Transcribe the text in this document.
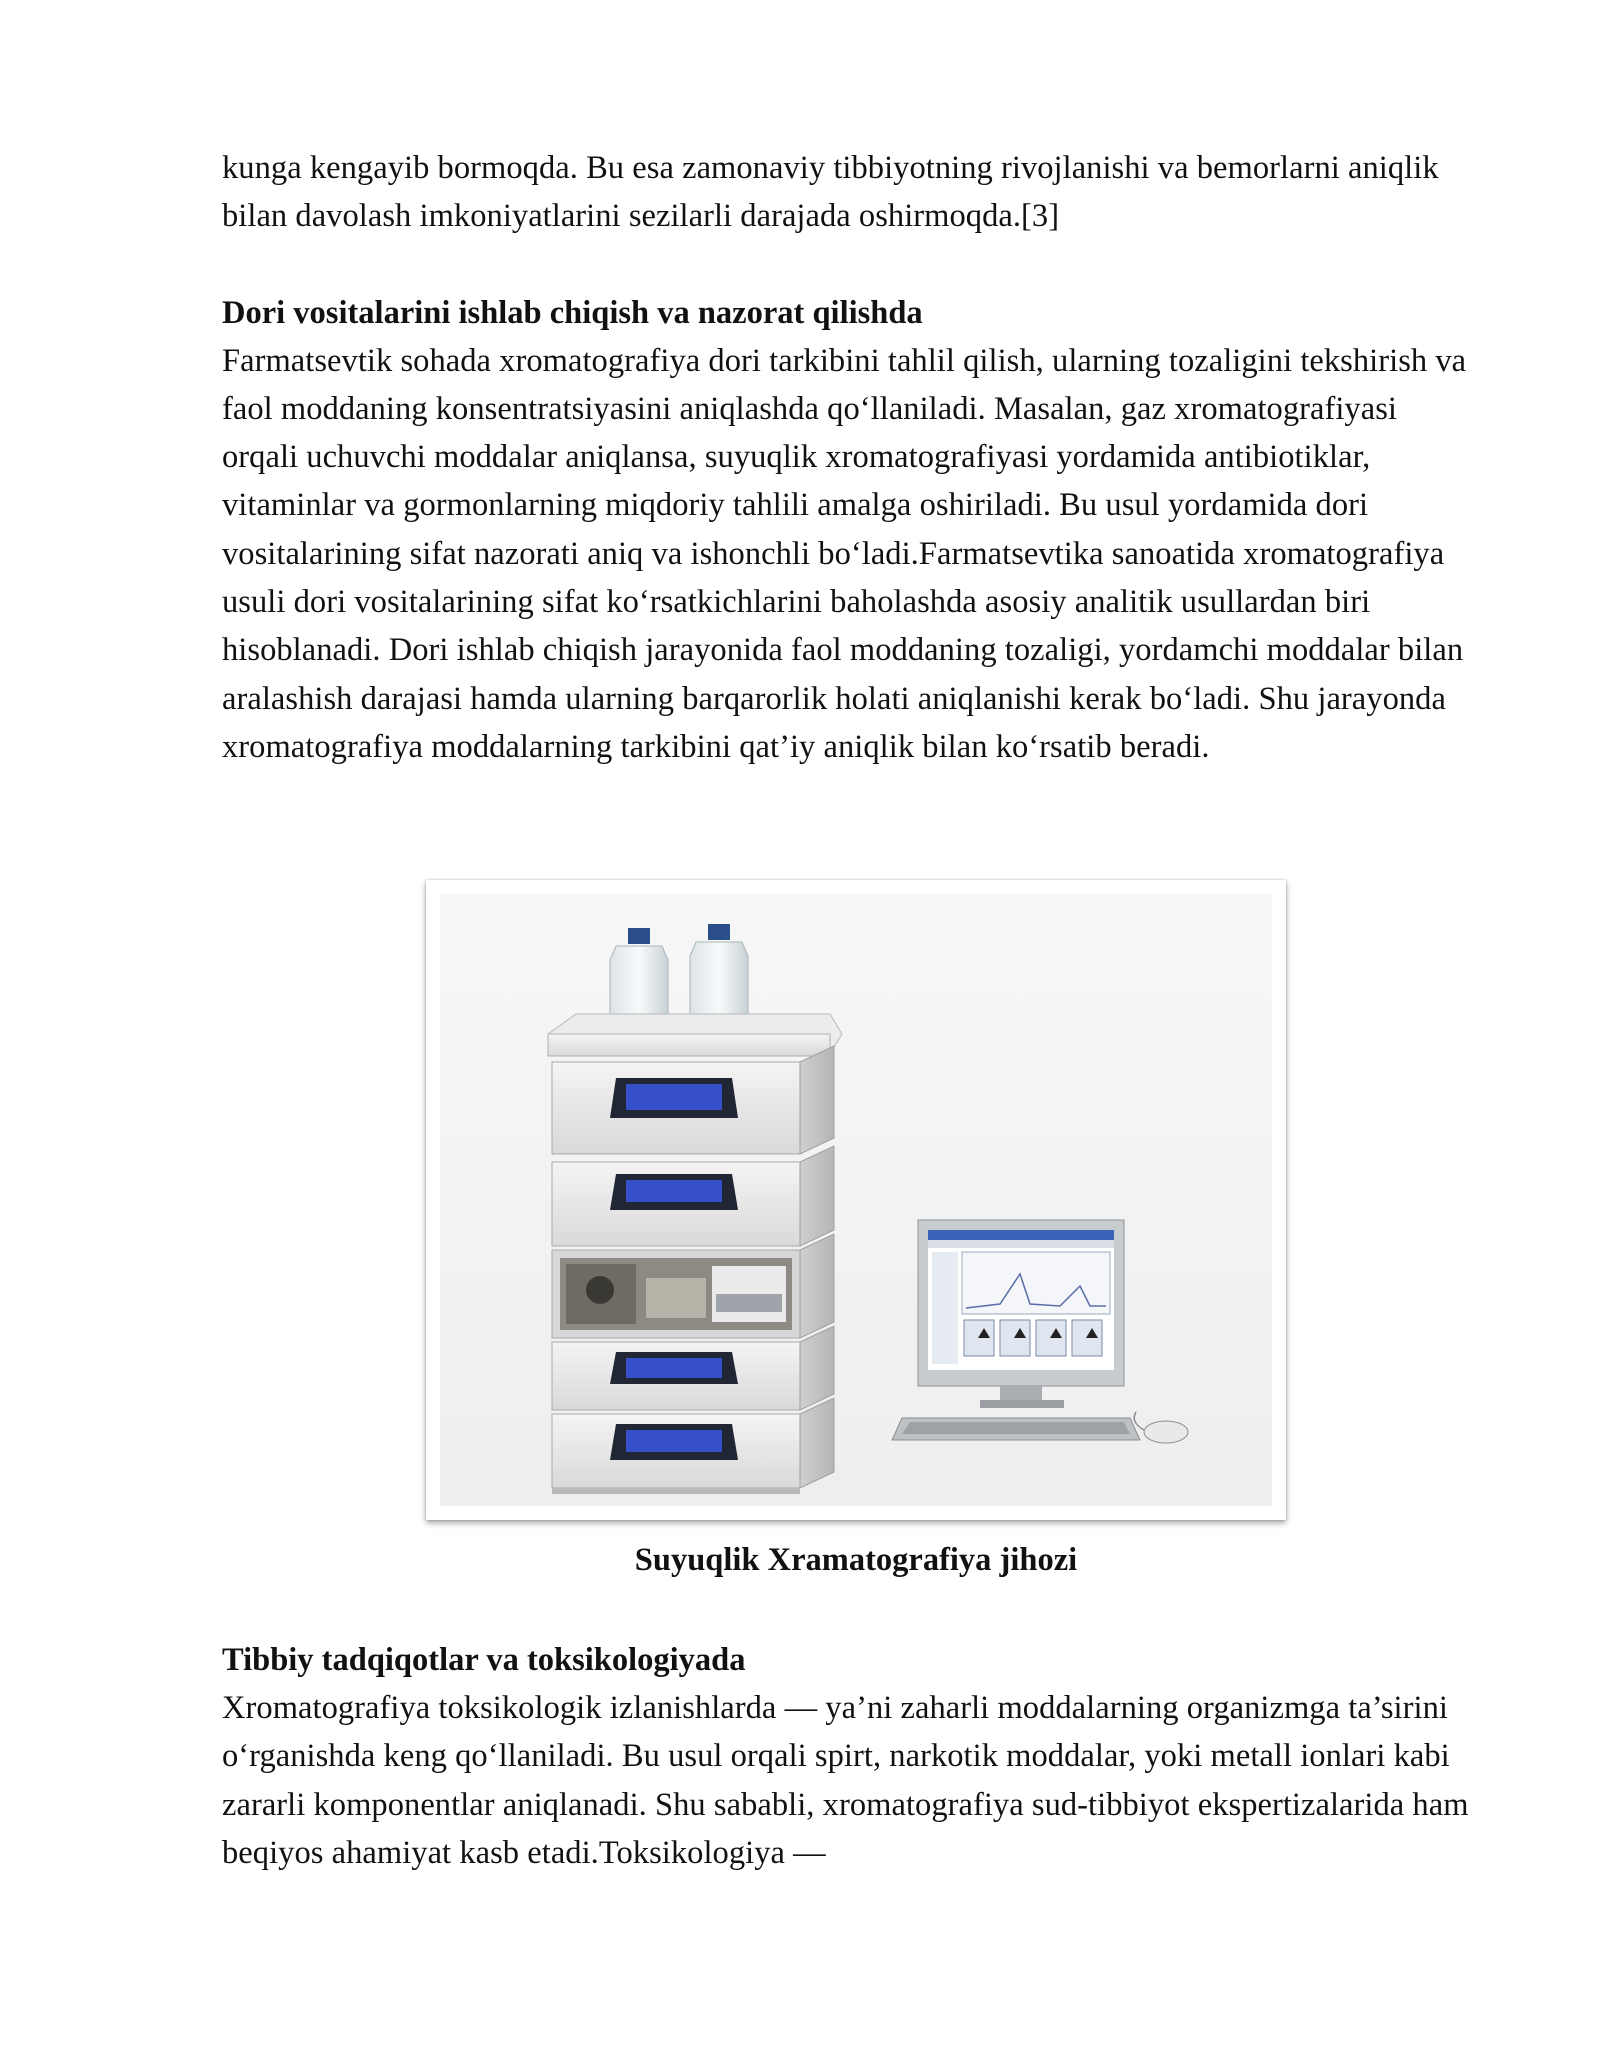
kunga kengayib bormoqda. Bu esa zamonaviy tibbiyotning rivojlanishi va bemorlarni aniqlik bilan davolash imkoniyatlarini sezilarli darajada oshirmoqda.[3]

Dori vositalarini ishlab chiqish va nazorat qilishda

Farmatsevtik sohada xromatografiya dori tarkibini tahlil qilish, ularning tozaligini tekshirish va faol moddaning konsentratsiyasini aniqlashda qo‘llaniladi. Masalan, gaz xromatografiyasi orqali uchuvchi moddalar aniqlansa, suyuqlik xromatografiyasi yordamida antibiotiklar, vitaminlar va gormonlarning miqdoriy tahlili amalga oshiriladi. Bu usul yordamida dori vositalarining sifat nazorati aniq va ishonchli bo‘ladi.Farmatsevtika sanoatida xromatografiya usuli dori vositalarining sifat ko‘rsatkichlarini baholashda asosiy analitik usullardan biri hisoblanadi. Dori ishlab chiqish jarayonida faol moddaning tozaligi, yordamchi moddalar bilan aralashish darajasi hamda ularning barqarorlik holati aniqlanishi kerak bo‘ladi. Shu jarayonda xromatografiya moddalarning tarkibini qat’iy aniqlik bilan ko‘rsatib beradi.

Suyuqlik Xramatografiya jihozi
Tibbiy tadqiqotlar va toksikologiyada

Xromatografiya toksikologik izlanishlarda — ya’ni zaharli moddalarning organizmga ta’sirini o‘rganishda keng qo‘llaniladi. Bu usul orqali spirt, narkotik moddalar, yoki metall ionlari kabi zararli komponentlar aniqlanadi. Shu sababli, xromatografiya sud-tibbiyot ekspertizalarida ham beqiyos ahamiyat kasb etadi.Toksikologiya —
